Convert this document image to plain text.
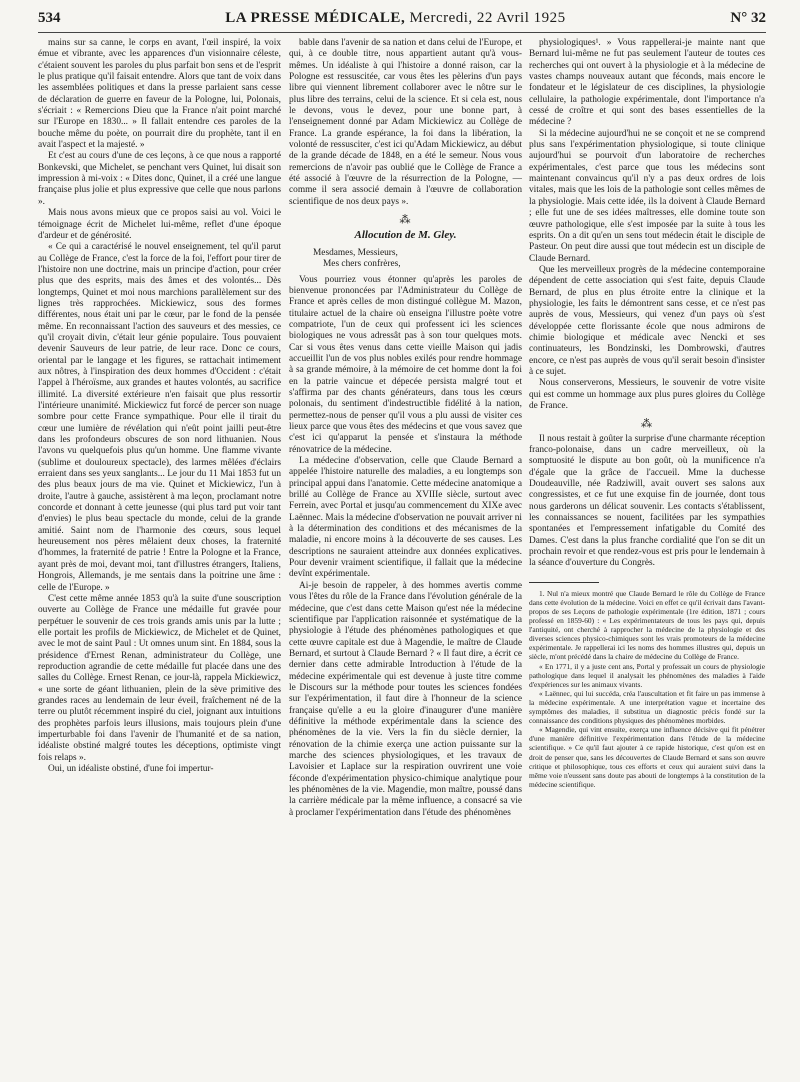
534	LA PRESSE MÉDICALE, Mercredi, 22 Avril 1925	N° 32

mains sur sa canne, le corps en avant, l'œil inspiré, la voix émue et vibrante, avec les apparences d'un visionnaire céleste, c'étaient souvent les paroles du plus parfait bon sens et de l'esprit le plus pratique qu'il faisait entendre. Alors que tant de voix dans les assemblées politiques et dans la presse parlaient sans cesse de déclaration de guerre en faveur de la Pologne, lui, Polonais, s'écriait : « Remercions Dieu que la France n'ait point marché sur l'Europe en 1830... » Il fallait entendre ces paroles de la bouche même du poète, on pourrait dire du prophète, tant il en avait l'aspect et la majesté. »

Et c'est au cours d'une de ces leçons, à ce que nous a rapporté Bonkevski, que Michelet, se penchant vers Quinet, lui disait son impression à mi-voix : « Dites donc, Quinet, il a créé une langue française plus jolie et plus expressive que celle que nous parlons ».

Mais nous avons mieux que ce propos saisi au vol. Voici le témoignage écrit de Michelet lui-même, reflet d'une époque d'ardeur et de générosité.

« Ce qui a caractérisé le nouvel enseignement, tel qu'il parut au Collège de France, c'est la force de la foi, l'effort pour tirer de l'histoire non une doctrine, mais un principe d'action, pour créer plus que des esprits, mais des âmes et des volontés... Dès longtemps, Quinet et moi nous marchions parallèlement sur des lignes très rapprochées. Mickiewicz, sous des formes différentes, nous était uni par le cœur, par le fond de la pensée même. En reconnaissant l'action des sauveurs et des messies, ce qu'il croyait divin, c'était leur génie populaire. Tous pouvaient devenir Sauveurs de leur patrie, de leur race. Donc ce cours, oriental par le langage et les figures, se rattachait intimement aux nôtres, à l'inspiration des deux hommes d'Occident : c'était l'appel à l'héroïsme, aux grandes et hautes volontés, au sacrifice illimité. La diversité extérieure n'en faisait que plus ressortir l'intérieure unanimité. Mickiewicz fut forcé de percer son nuage sombre pour cette France sympathique. Pour elle il tirait du cœur une lumière de révélation qui n'eût point jailli peut-être dans les profondeurs obscures de son nord lithuanien. Nous l'avons vu quelquefois plus qu'un homme. Une flamme vivante (sublime et douloureux spectacle), des larmes mêlées d'éclairs erraient dans ses yeux sanglants... Le jour du 11 Mai 1853 fut un des plus beaux jours de ma vie. Quinet et Mickiewicz, l'un à droite, l'autre à gauche, assistèrent à ma leçon, proclamant notre concorde et donnant à cette jeunesse (qui plus tard put voir tant d'envies) le plus beau spectacle du monde, celui de la grande amitié. Saint nom de l'harmonie des cœurs, sous lequel heureusement nos pères mêlaient deux choses, la fraternité d'hommes, la fraternité de patrie ! Entre la Pologne et la France, ayant près de moi, devant moi, tant d'illustres étrangers, Italiens, Hongrois, Allemands, je me sentais dans la poitrine une âme : celle de l'Europe. »

C'est cette même année 1853 qu'à la suite d'une souscription ouverte au Collège de France une médaille fut gravée pour perpétuer le souvenir de ces trois grands amis unis par la lutte ; elle portait les profils de Mickiewicz, de Michelet et de Quinet, avec le mot de saint Paul : Ut omnes unum sint. En 1884, sous la présidence d'Ernest Renan, administrateur du Collège, une reproduction agrandie de cette médaille fut placée dans une des salles du Collège. Ernest Renan, ce jour-là, rappela Mickiewicz, « une sorte de géant lithuanien, plein de la sève primitive des grandes races au lendemain de leur éveil, fraîchement né de la terre ou plutôt récemment inspiré du ciel, joignant aux intuitions des prophètes parfois leurs illusions, mais toujours plein d'une imperturbable foi dans l'avenir de l'humanité et de sa nation, idéaliste obstiné malgré toutes les déceptions, optimiste vingt fois relaps ».

Oui, un idéaliste obstiné, d'une foi impertur-

bable dans l'avenir de sa nation et dans celui de l'Europe, et qui, à ce double titre, nous appartient autant qu'à vous-mêmes. Un idéaliste à qui l'histoire a donné raison, car la Pologne est ressuscitée, car vous êtes les pèlerins d'un pays libre qui viennent librement collaborer avec le nôtre sur le plus libre des terrains, celui de la science. Et si cela est, nous le devons, vous le devez, pour une bonne part, à l'enseignement donné par Adam Mickiewicz au Collège de France. La grande espérance, la foi dans la libération, la volonté de ressusciter, c'est ici qu'Adam Mickiewicz, au début de la grande décade de 1848, en a été le semeur. Nous vous remercions de n'avoir pas oublié que le Collège de France a été associé à l'œuvre de la résurrection de la Pologne, — comme il sera associé demain à l'œuvre de collaboration scientifique de nos deux pays ».

⁂
Allocution de M. Gley.
Mesdames, Messieurs,
Mes chers confrères,

Vous pourriez vous étonner qu'après les paroles de bienvenue prononcées par l'Administrateur du Collège de France et après celles de mon distingué collègue M. Mazon, titulaire actuel de la chaire où enseigna l'illustre poète votre compatriote, l'un de ceux qui professent ici les sciences biologiques ne vous adressât pas à son tour quelques mots. Car si vous êtes venus dans cette vieille Maison qui jadis accueillit l'un de vos plus nobles exilés pour rendre hommage à sa grande mémoire, à la mémoire de cet homme dont la foi en la patrie vaincue et dépecée persista malgré tout et s'affirma par des chants générateurs, dans tous les cœurs polonais, du sentiment d'indestructible fidélité à la nation, permettez-nous de penser qu'il vous a plu aussi de visiter ces lieux parce que vous êtes des médecins et que vous savez que c'est ici qu'apparut la pensée et s'instaura la méthode rénovatrice de la médecine.

La médecine d'observation, celle que Claude Bernard a appelée l'histoire naturelle des maladies, a eu longtemps son principal appui dans l'anatomie. Cette médecine anatomique a brillé au Collège de France au XVIIIe siècle, surtout avec Ferrein, avec Portal et jusqu'au commencement du XIXe avec Laënnec. Mais la médecine d'observation ne pouvait arriver ni à la détermination des conditions et des mécanismes de la maladie, ni encore moins à la découverte de ses causes. Les descriptions ne sauraient atteindre aux données explicatives. Pour devenir vraiment scientifique, il fallait que la médecine devînt expérimentale.

Ai-je besoin de rappeler, à des hommes avertis comme vous l'êtes du rôle de la France dans l'évolution générale de la médecine, que c'est dans cette Maison qu'est née la médecine scientifique par l'application raisonnée et systématique de la physiologie à l'étude des phénomènes pathologiques et que cette œuvre capitale est due à Magendie, le maître de Claude Bernard, et surtout à Claude Bernard ? « Il faut dire, a écrit ce dernier dans cette admirable Introduction à l'étude de la médecine expérimentale qui est devenue à juste titre comme le Discours sur la méthode pour toutes les sciences fondées sur l'expérimentation, il faut dire à l'honneur de la science française qu'elle a eu la gloire d'inaugurer d'une manière définitive la méthode expérimentale dans la science des phénomènes de la vie. Vers la fin du siècle dernier, la rénovation de la chimie exerça une action puissante sur la marche des sciences physiologiques, et les travaux de Lavoisier et Laplace sur la respiration ouvrirent une voie féconde d'expérimentation physico-chimique analytique pour les phénomènes de la vie. Magendie, mon maître, poussé dans la carrière médicale par la même influence, a consacré sa vie à proclamer l'expérimentation dans l'étude des phénomènes

physiologiques¹. » Vous rappellerai-je mainte nant que Bernard lui-même ne fut pas seulement l'auteur de toutes ces recherches qui ont ouvert à la physiologie et à la médecine de vastes champs nouveaux autant que féconds, mais encore le fondateur et le législateur de ces disciplines, la physiologie cellulaire, la pathologie expérimentale, dont l'importance n'a cessé de croître et qui sont des bases essentielles de la médecine ?

Si la médecine aujourd'hui ne se conçoit et ne se comprend plus sans l'expérimentation physiologique, si toute clinique aujourd'hui se pourvoit d'un laboratoire de recherches expérimentales, c'est parce que tous les médecins sont maintenant convaincus qu'il n'y a pas deux ordres de lois vitales, mais que les lois de la pathologie sont celles mêmes de la physiologie. Mais cette idée, ils la doivent à Claude Bernard ; elle fut une de ses idées maîtresses, elle domine toute son œuvre pathologique, elle s'est imposée par la suite à tous les esprits. On a dit qu'en un sens tout médecin était le disciple de Pasteur. On peut dire aussi que tout médecin est un disciple de Claude Bernard.

Que les merveilleux progrès de la médecine contemporaine dépendent de cette association qui s'est faite, depuis Claude Bernard, de plus en plus étroite entre la clinique et la physiologie, les faits le démontrent sans cesse, et ce n'est pas auprès de vous, Messieurs, qui venez d'un pays où s'est développée cette florissante école que nous admirons de chimie biologique et médicale avec Nencki et ses continuateurs, les Bondzinski, les Dombrowski, d'autres encore, ce n'est pas auprès de vous qu'il serait besoin d'insister à ce sujet.

Nous conserverons, Messieurs, le souvenir de votre visite qui est comme un hommage aux plus pures gloires du Collège de France.

⁂

Il nous restait à goûter la surprise d'une charmante réception franco-polonaise, dans un cadre merveilleux, où la somptuosité le dispute au bon goût, où la munificence n'a d'égale que la grâce de l'accueil. Mme la duchesse Doudeauville, née Radziwill, avait ouvert ses salons aux congressistes, et ce fut une exquise fin de journée, dont tous nous garderons un délicat souvenir. Les contacts s'établissent, les connaissances se nouent, facilitées par les sympathies spontanées et l'empressement infatigable du Comité des Dames. C'est dans la plus franche cordialité que l'on se dit un prochain revoir et que rendez-vous est pris pour le lendemain à la séance d'ouverture du Congrès.

1. Nul n'a mieux montré que Claude Bernard le rôle du Collège de France dans cette évolution de la médecine. Voici en effet ce qu'il écrivait dans l'avant-propos de ses Leçons de pathologie expérimentale (1re édition, 1871 ; cours professé en 1859-60) : « Les expérimentateurs de tous les pays qui, depuis l'antiquité, ont cherché à rapprocher la médecine de la physiologie et des diverses sciences physico-chimiques sont les vrais promoteurs de la médecine expérimentale. Je rappellerai ici les noms des hommes illustres qui, depuis un siècle, m'ont précédé dans la chaire de médecine du Collège de France.

« En 1771, il y a juste cent ans, Portal y professait un cours de physiologie pathologique dans lequel il analysait les phénomènes des maladies à l'aide d'expériences sur les animaux vivants.

« Laënnec, qui lui succéda, créa l'auscultation et fit faire un pas immense à la médecine expérimentale. A une interprétation vague et incertaine des symptômes des maladies, il substitua un diagnostic précis fondé sur la connaissance des conditions physiques des phénomènes morbides.

« Magendie, qui vint ensuite, exerça une influence décisive qui fit pénétrer d'une manière définitive l'expérimentation dans l'étude de la médecine scientifique. » Ce qu'il faut ajouter à ce rapide historique, c'est qu'on est en droit de penser que, sans les découvertes de Claude Bernard et sans son œuvre critique et philosophique, tous ces efforts et ceux qui auraient suivi dans la même voie n'eussent sans doute pas abouti de longtemps à la constitution de la médecine scientifique.
